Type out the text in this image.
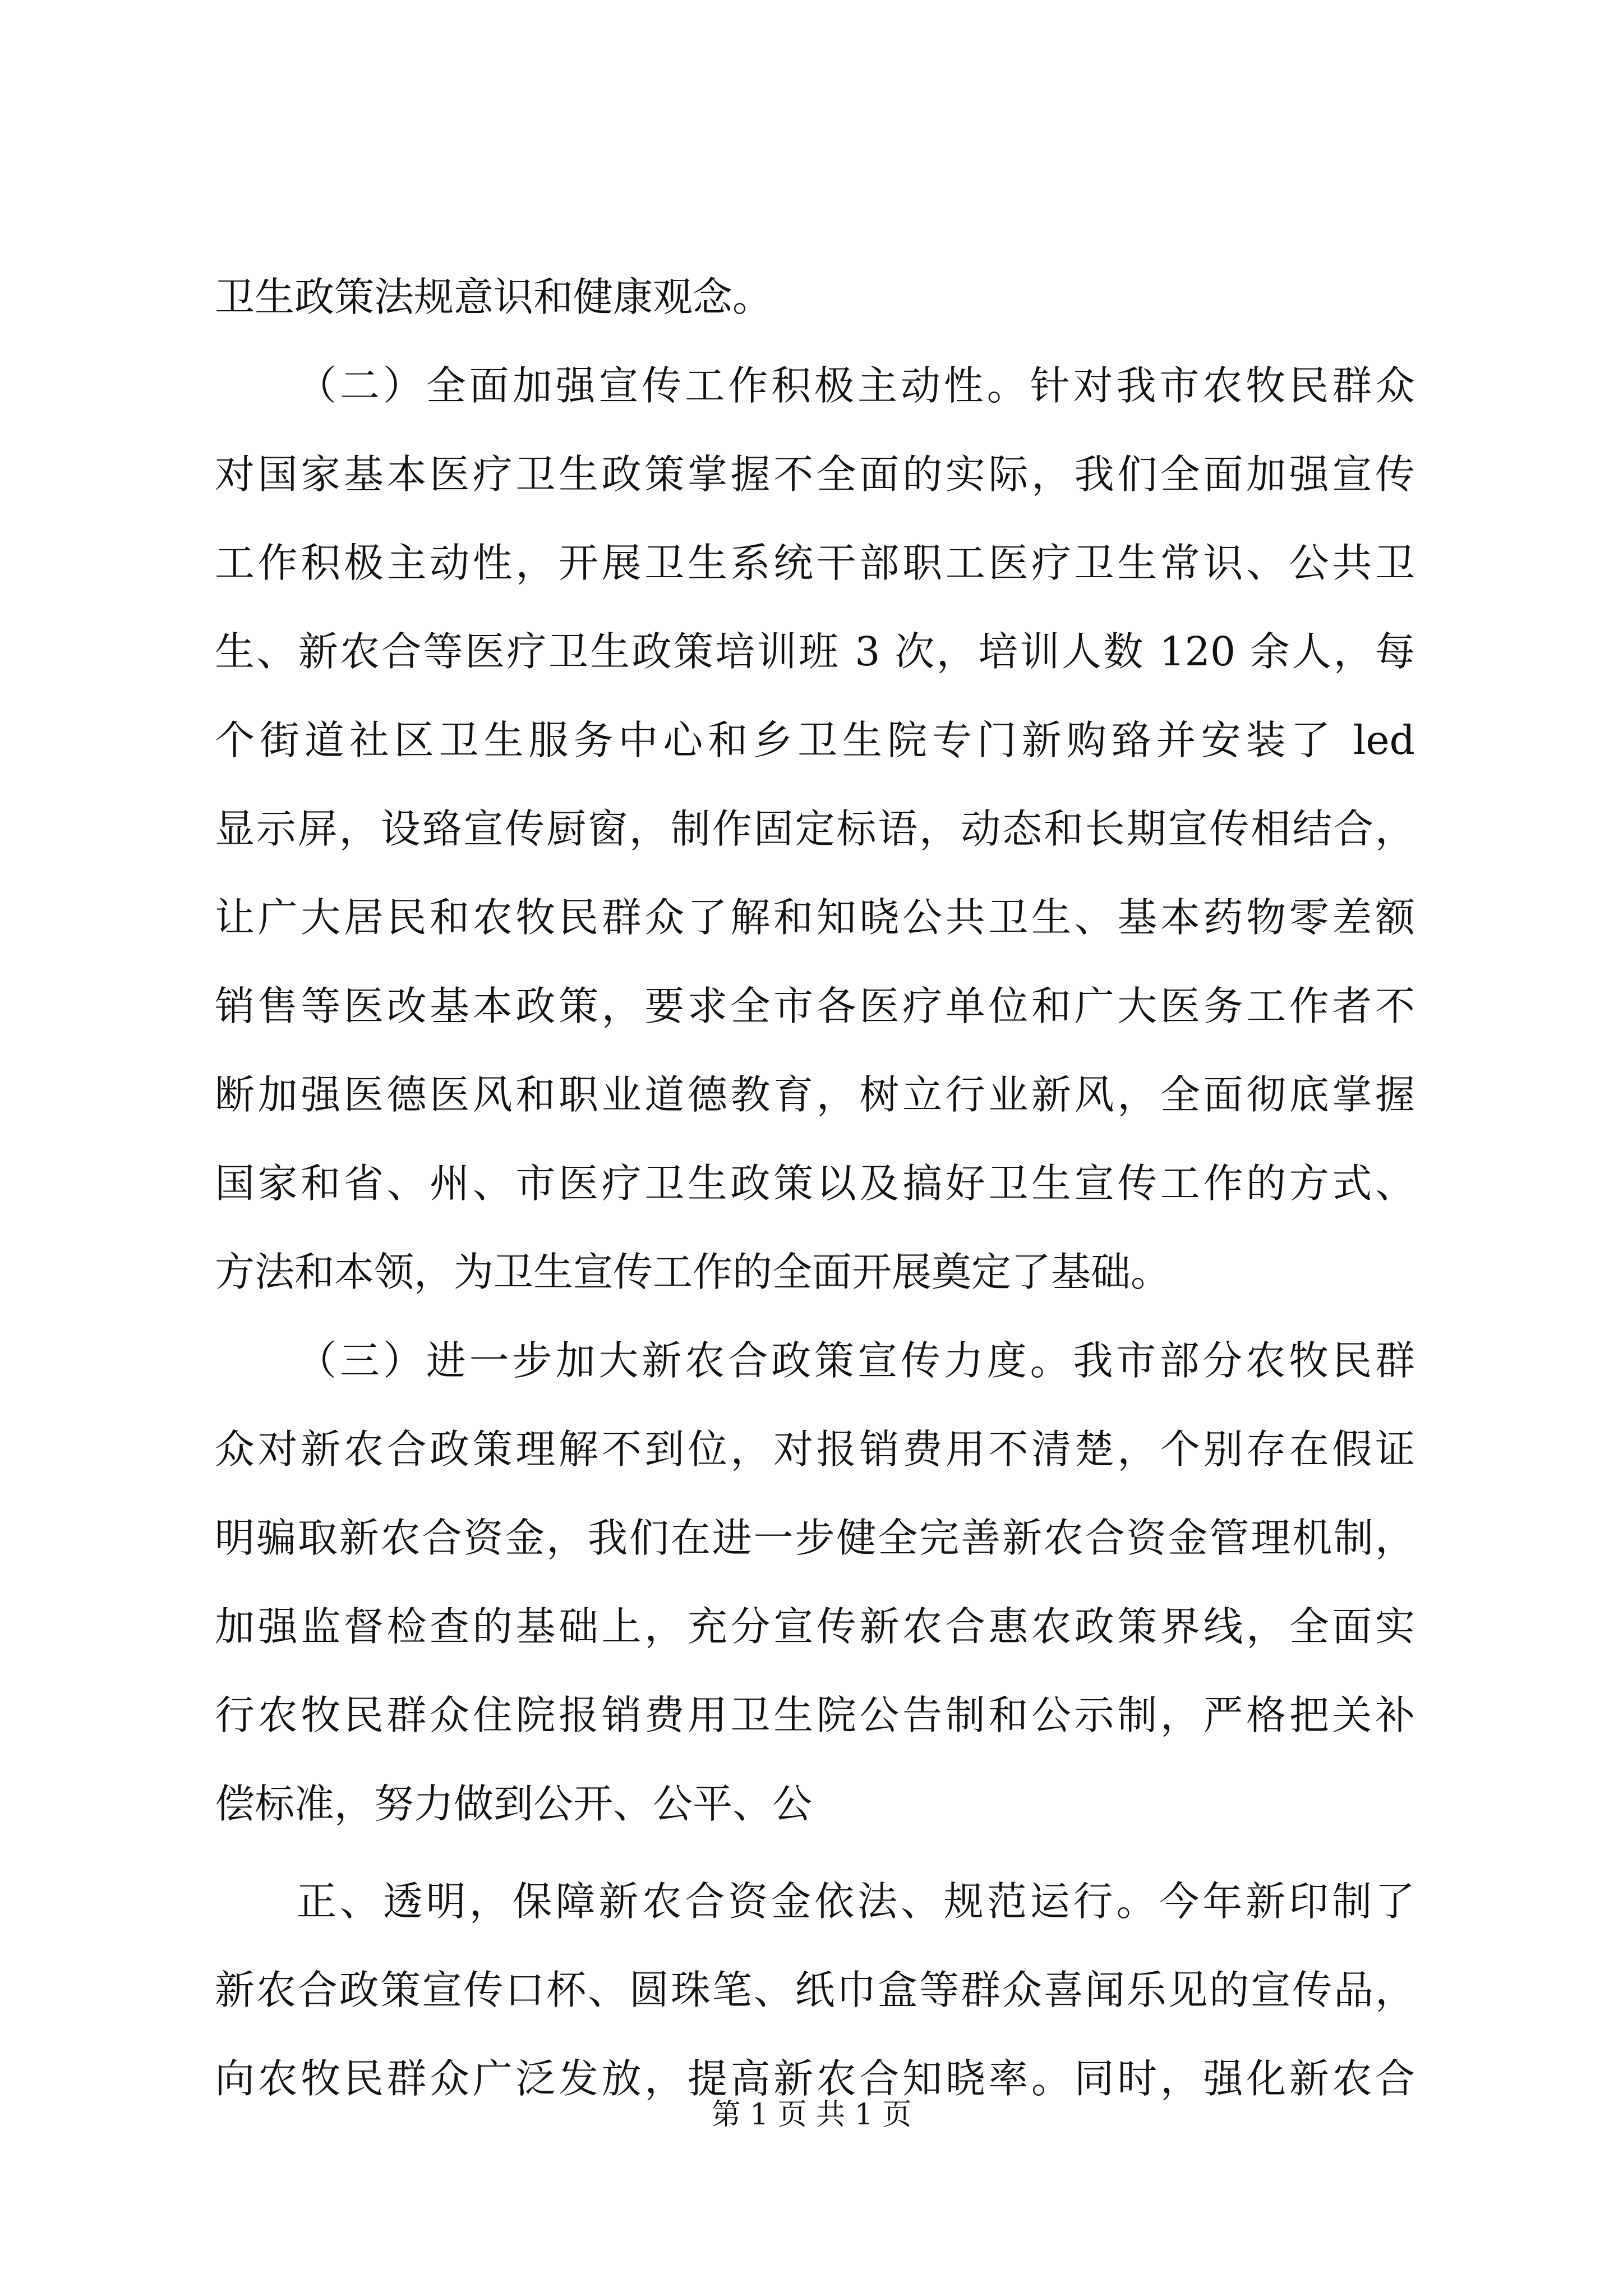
卫生政策法规意识和健康观念。
（二）全面加强宣传工作积极主动性。针对我市农牧民群众
对国家基本医疗卫生政策掌握不全面的实际，我们全面加强宣传
工作积极主动性，开展卫生系统干部职工医疗卫生常识、公共卫
生、新农合等医疗卫生政策培训班 3 次，培训人数 120 余人，每
个街道社区卫生服务中心和乡卫生院专门新购臵并安装了 led
显示屏，设臵宣传厨窗，制作固定标语，动态和长期宣传相结合，
让广大居民和农牧民群众了解和知晓公共卫生、基本药物零差额
销售等医改基本政策，要求全市各医疗单位和广大医务工作者不
断加强医德医风和职业道德教育，树立行业新风，全面彻底掌握
国家和省、州、市医疗卫生政策以及搞好卫生宣传工作的方式、
方法和本领，为卫生宣传工作的全面开展奠定了基础。
（三）进一步加大新农合政策宣传力度。我市部分农牧民群
众对新农合政策理解不到位，对报销费用不清楚，个别存在假证
明骗取新农合资金，我们在进一步健全完善新农合资金管理机制，
加强监督检查的基础上，充分宣传新农合惠农政策界线，全面实
行农牧民群众住院报销费用卫生院公告制和公示制，严格把关补
偿标准，努力做到公开、公平、公
正、透明，保障新农合资金依法、规范运行。今年新印制了
新农合政策宣传口杯、圆珠笔、纸巾盒等群众喜闻乐见的宣传品，
向农牧民群众广泛发放，提高新农合知晓率。同时，强化新农合
第 1 页 共 1 页
